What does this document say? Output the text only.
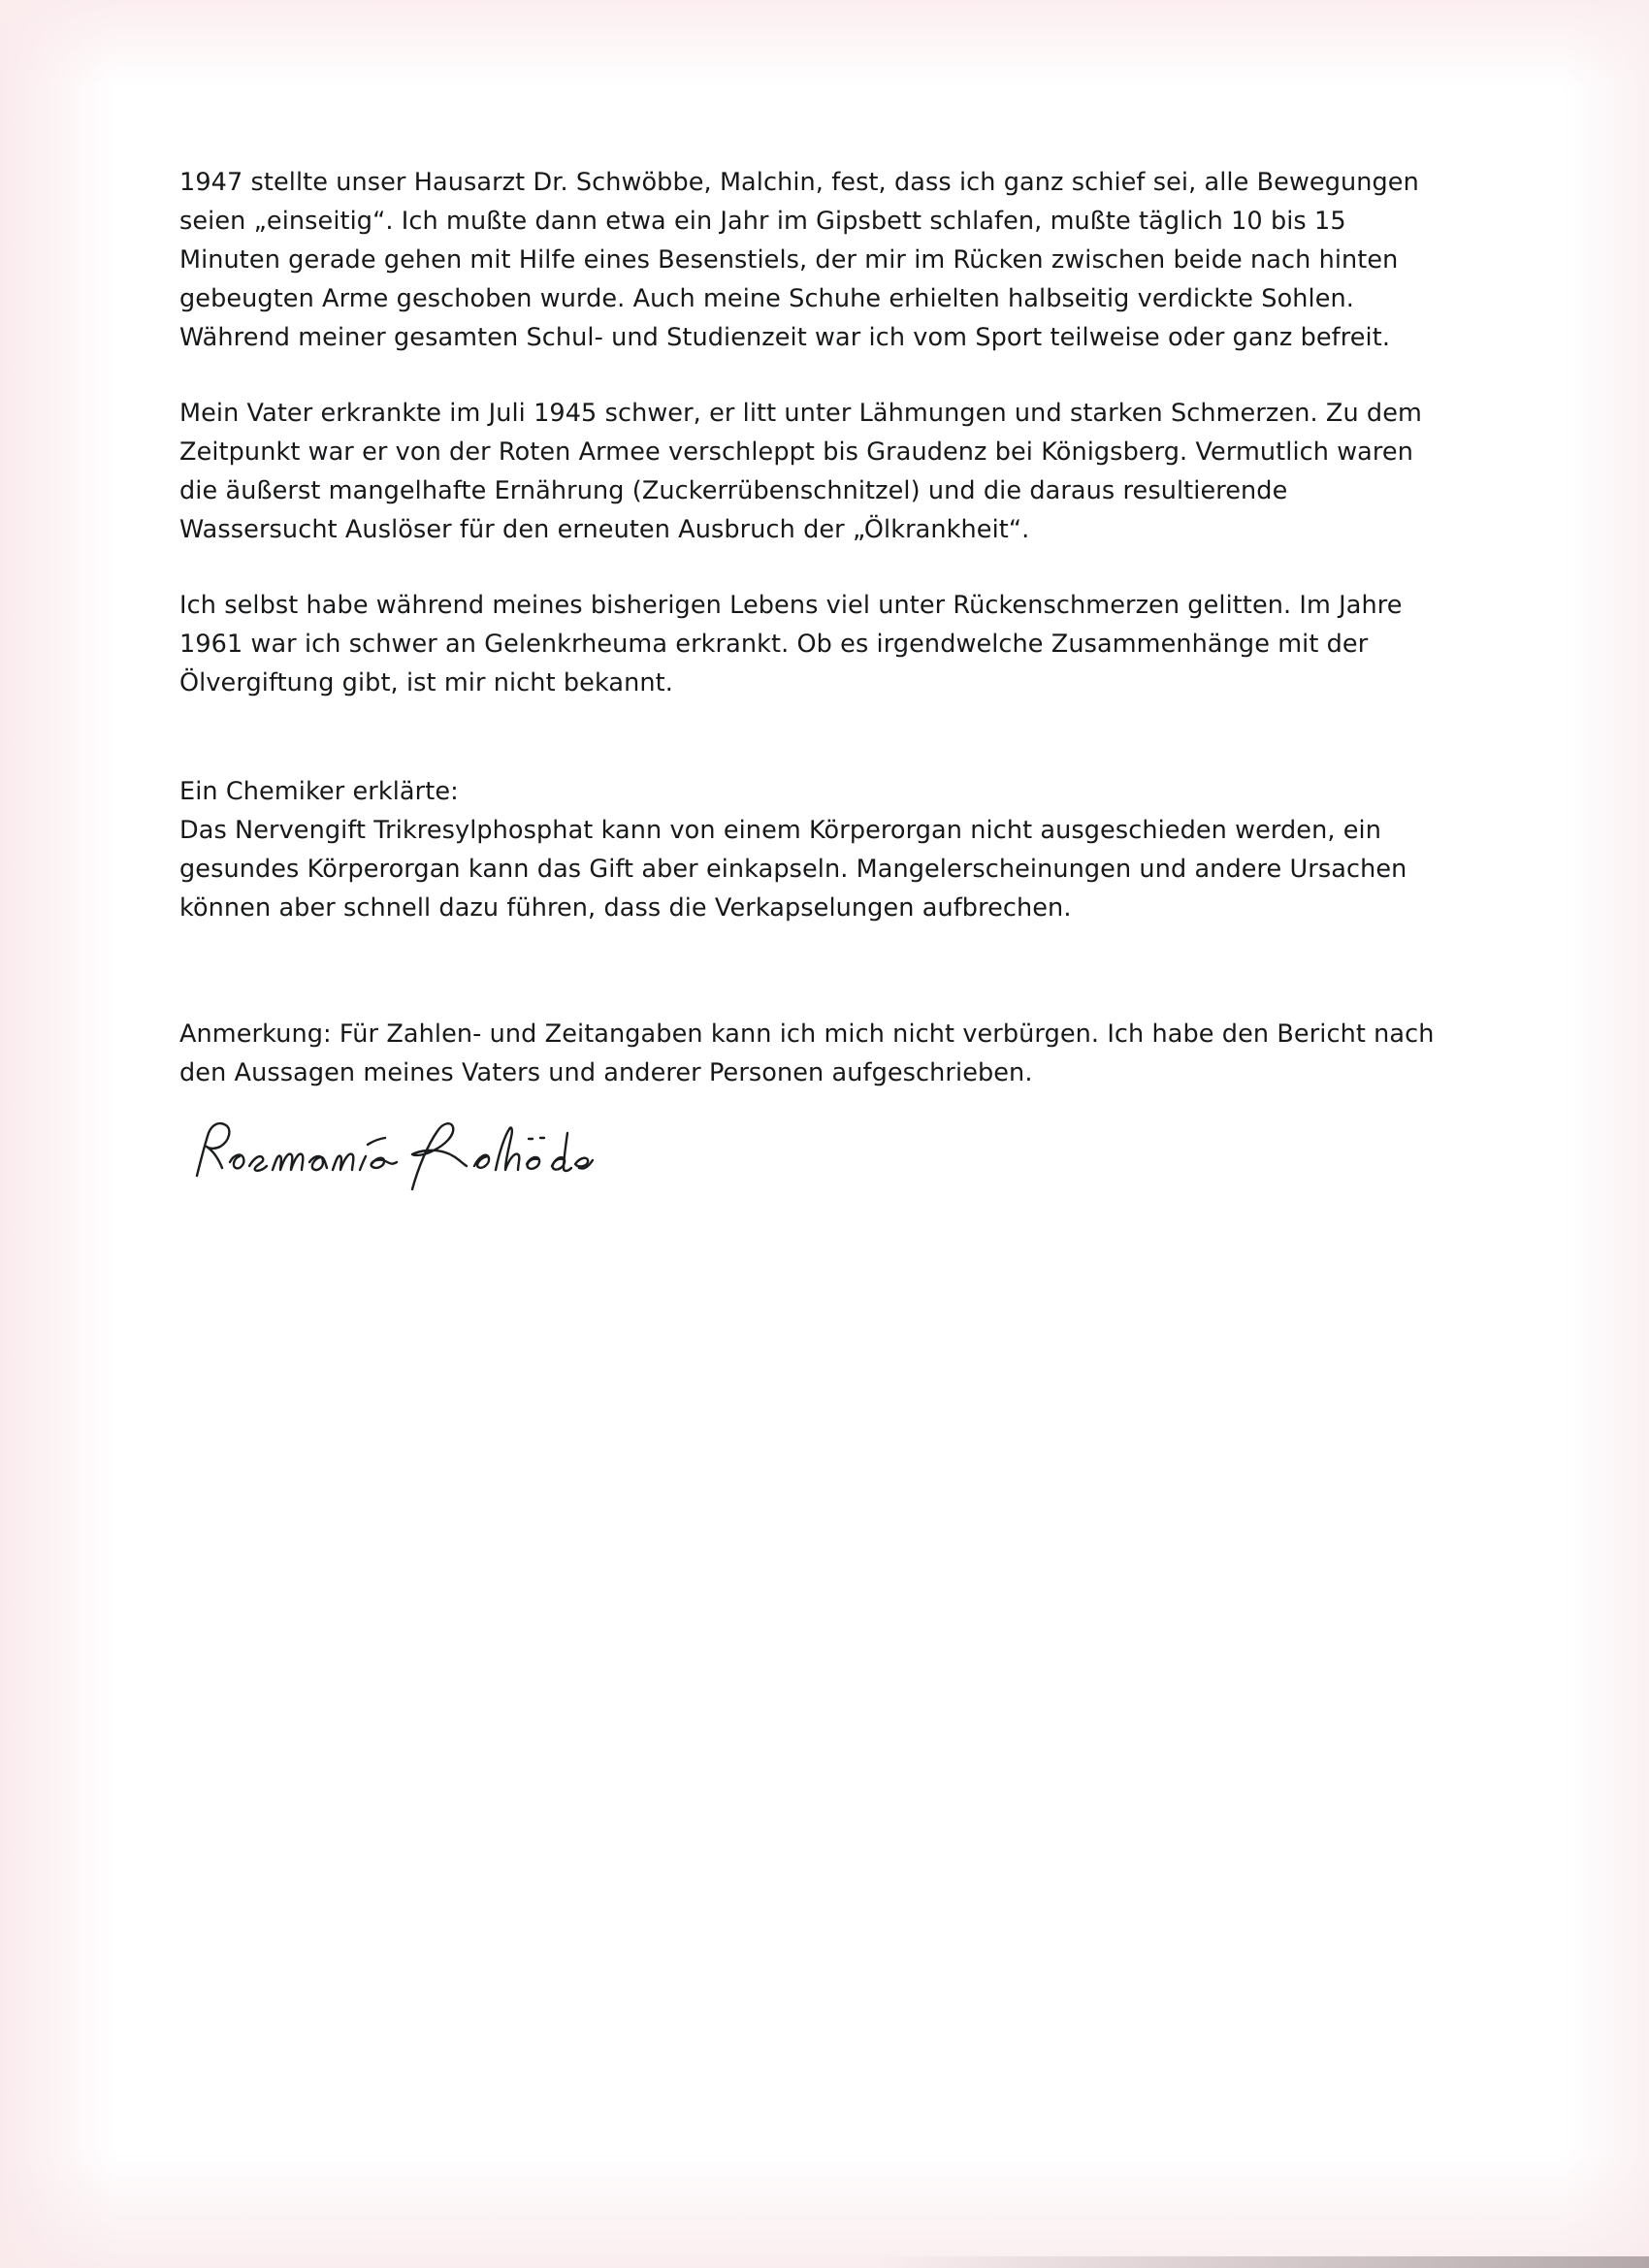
1947 stellte unser Hausarzt Dr. Schwöbbe, Malchin, fest, dass ich ganz schief sei, alle Bewegungen seien „einseitig“. Ich mußte dann etwa ein Jahr im Gipsbett schlafen, mußte täglich 10 bis 15 Minuten gerade gehen mit Hilfe eines Besenstiels, der mir im Rücken zwischen beide nach hinten gebeugten Arme geschoben wurde. Auch meine Schuhe erhielten halbseitig verdickte Sohlen. Während meiner gesamten Schul- und Studienzeit war ich vom Sport teilweise oder ganz befreit.

Mein Vater erkrankte im Juli 1945 schwer, er litt unter Lähmungen und starken Schmerzen. Zu dem Zeitpunkt war er von der Roten Armee verschleppt bis Graudenz bei Königsberg. Vermutlich waren die äußerst mangelhafte Ernährung (Zuckerrübenschnitzel) und die daraus resultierende Wassersucht Auslöser für den erneuten Ausbruch der „Ölkrankheit“.

Ich selbst habe während meines bisherigen Lebens viel unter Rückenschmerzen gelitten. Im Jahre 1961 war ich schwer an Gelenkrheuma erkrankt. Ob es irgendwelche Zusammenhänge mit der Ölvergiftung gibt, ist mir nicht bekannt.

Ein Chemiker erklärte:

Das Nervengift Trikresylphosphat kann von einem Körperorgan nicht ausgeschieden werden, ein gesundes Körperorgan kann das Gift aber einkapseln. Mangelerscheinungen und andere Ursachen können aber schnell dazu führen, dass die Verkapselungen aufbrechen.

Anmerkung: Für Zahlen- und Zeitangaben kann ich mich nicht verbürgen. Ich habe den Bericht nach den Aussagen meines Vaters und anderer Personen aufgeschrieben.
